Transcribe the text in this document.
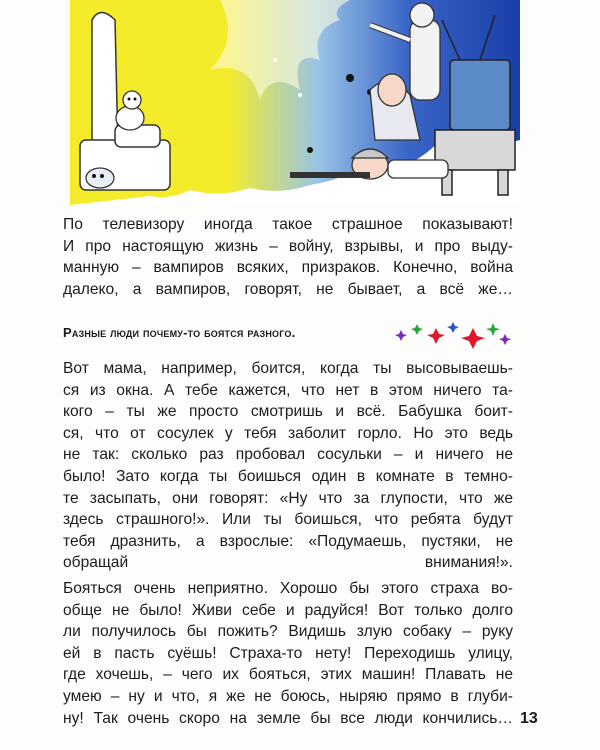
По телевизору иногда такое страшное показывают!
И про настоящую жизнь – войну, взрывы, и про выду-
манную – вампиров всяких, призраков. Конечно, война
далеко, а вампиров, говорят, не бывает, а всё же…
Разные люди почему-то боятся разного.
Вот мама, например, боится, когда ты высовываешь-
ся из окна. А тебе кажется, что нет в этом ничего та-
кого – ты же просто смотришь и всё. Бабушка боит-
ся, что от сосулек у тебя заболит горло. Но это ведь
не так: сколько раз пробовал сосульки – и ничего не
было! Зато когда ты боишься один в комнате в темно-
те засыпать, они говорят: «Ну что за глупости, что же
здесь страшного!». Или ты боишься, что ребята будут
тебя дразнить, а взрослые: «Подумаешь, пустяки, не
обращай внимания!».
Бояться очень неприятно. Хорошо бы этого страха во-
обще не было! Живи себе и радуйся! Вот только долго
ли получилось бы пожить? Видишь злую собаку – руку
ей в пасть суёшь! Страха-то нету! Переходишь улицу,
где хочешь, – чего их бояться, этих машин! Плавать не
умею – ну и что, я же не боюсь, ныряю прямо в глуби-
ну! Так очень скоро на земле бы все люди кончились… 13
